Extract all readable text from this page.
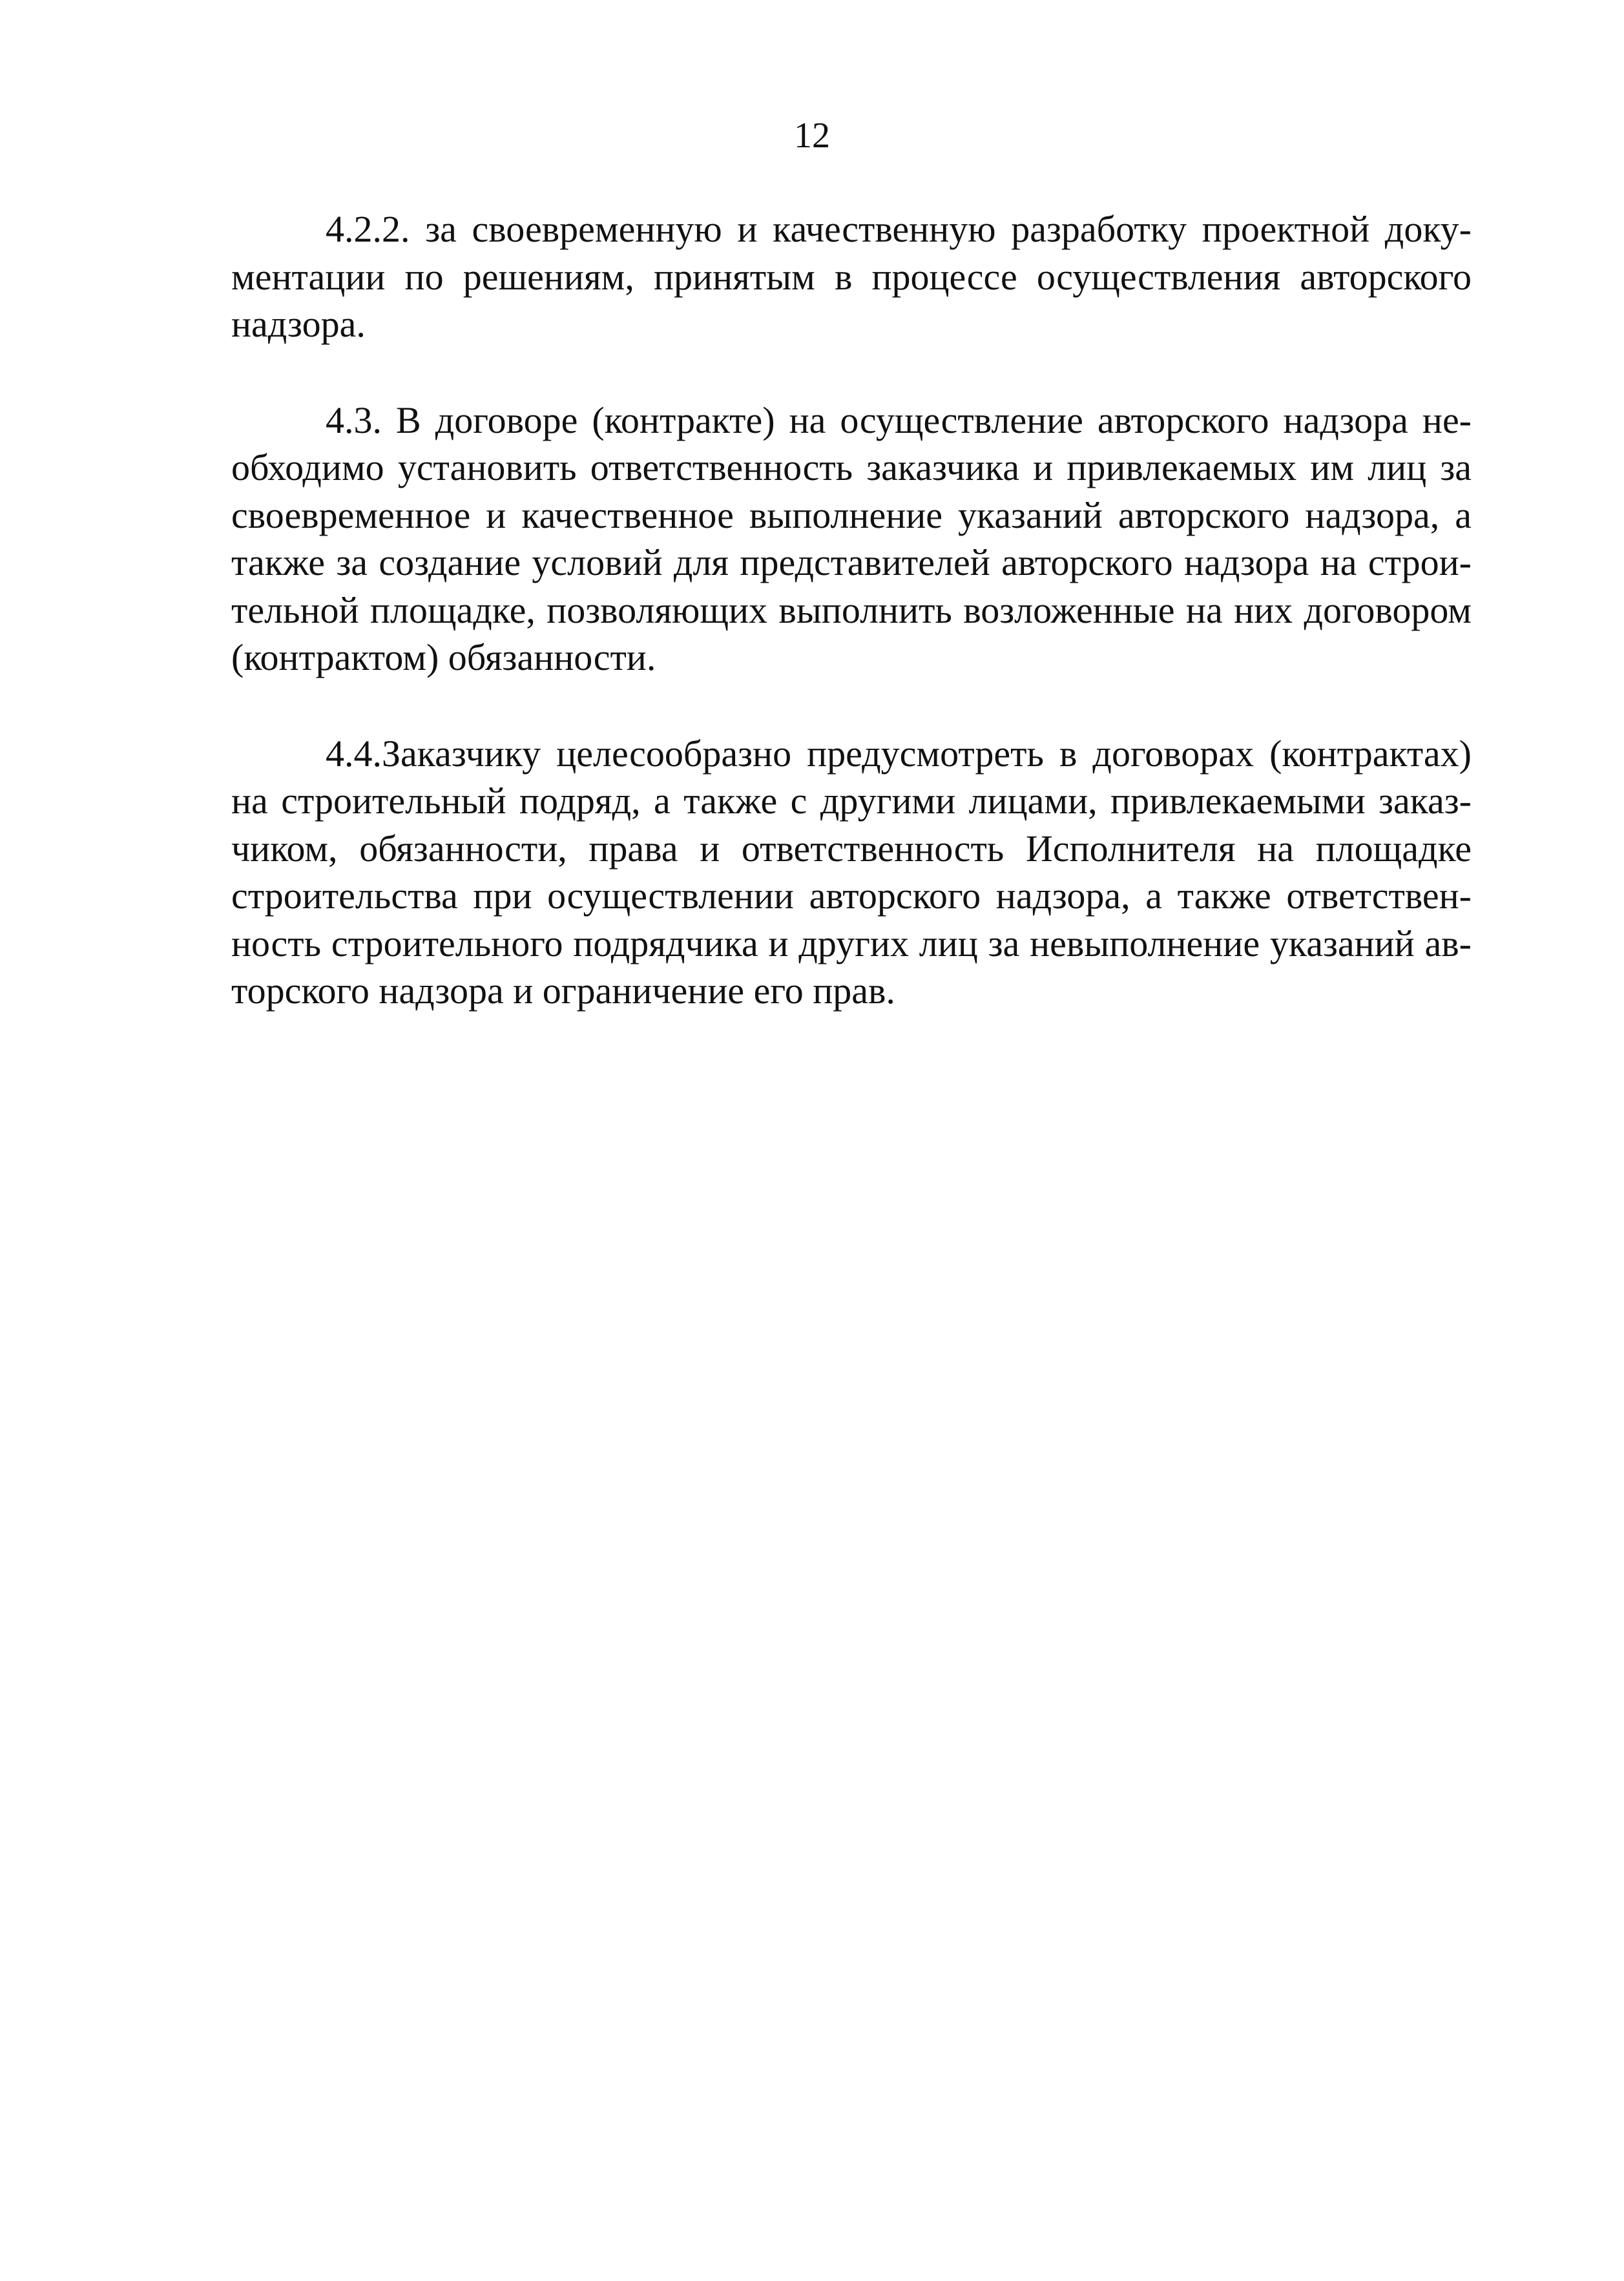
12

4.2.2. за своевременную и качественную разработку проектной доку-
ментации по решениям, принятым в процессе осуществления авторского
надзора.

4.3. В договоре (контракте) на осуществление авторского надзора не-
обходимо установить ответственность заказчика и привлекаемых им лиц за
своевременное и качественное выполнение указаний авторского надзора, а
также за создание условий для представителей авторского надзора на строи-
тельной площадке, позволяющих выполнить возложенные на них договором
(контрактом) обязанности.

4.4.Заказчику целесообразно предусмотреть в договорах (контрактах)
на строительный подряд, а также с другими лицами, привлекаемыми заказ-
чиком, обязанности, права и ответственность Исполнителя на площадке
строительства при осуществлении авторского надзора, а также ответствен-
ность строительного подрядчика и других лиц за невыполнение указаний ав-
торского надзора и ограничение его прав.
